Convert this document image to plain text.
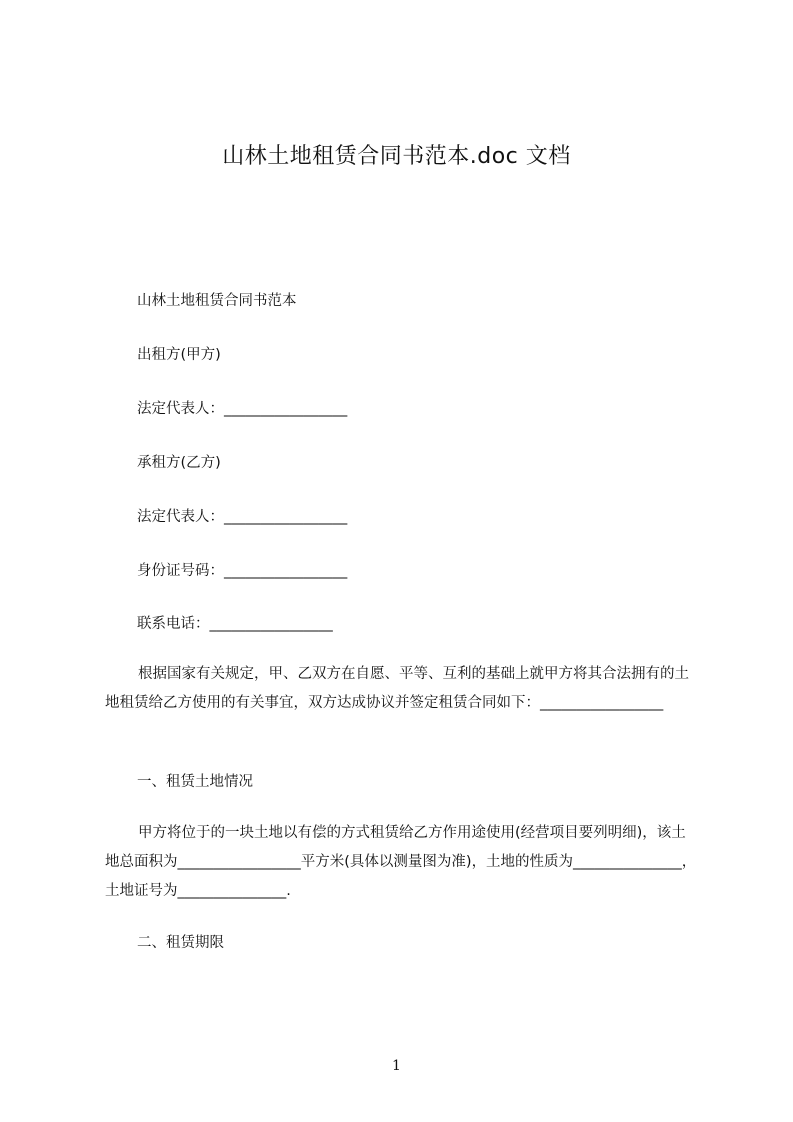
山林土地租赁合同书范本.doc 文档

山林土地租赁合同书范本

出租方(甲方)

法定代表人：_________________

承租方(乙方)

法定代表人：_________________

身份证号码：_________________

联系电话：_________________

根据国家有关规定，甲、乙双方在自愿、平等、互利的基础上就甲方将其合法拥有的土地租赁给乙方使用的有关事宜，双方达成协议并签定租赁合同如下：_________________

一、租赁土地情况

甲方将位于的一块土地以有偿的方式租赁给乙方作用途使用(经营项目要列明细)，该土地总面积为_________________平方米(具体以测量图为准)，土地的性质为_______________，土地证号为_______________.

二、租赁期限

1
